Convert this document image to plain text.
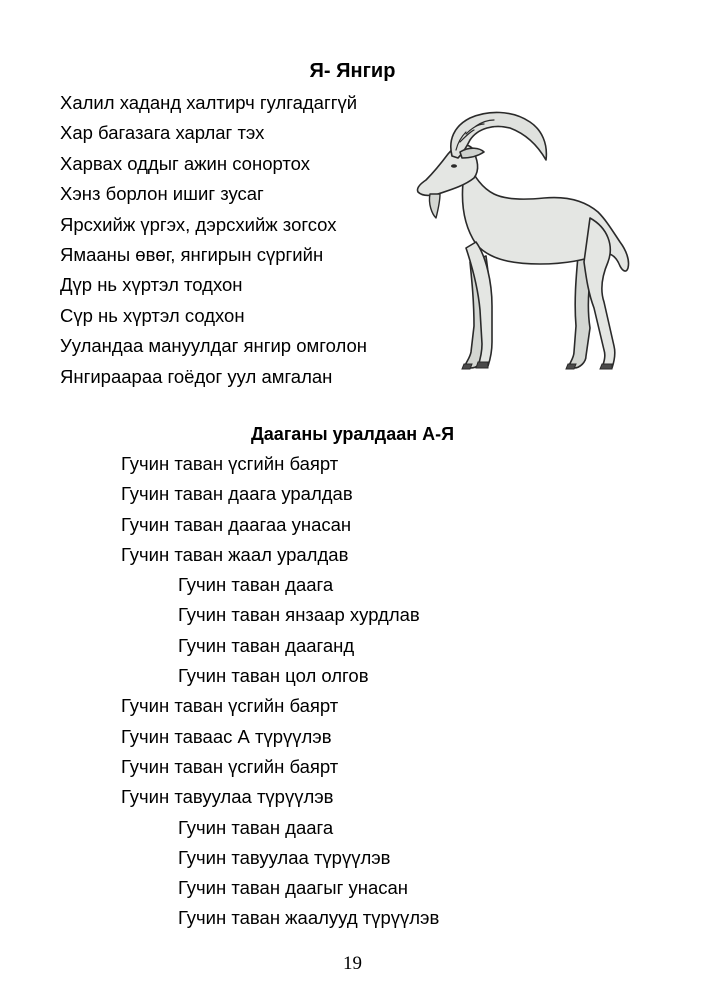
Я- Янгир
Халил хаданд халтирч гулгадаггүй
Хар багазага харлаг тэх
Харвах оддыг ажин сонортох
Хэнз борлон ишиг зусаг
Ярсхийж үргэх, дэрсхийж зогсох
Ямааны өвөг, янгирын сүргийн
Дүр нь хүртэл тодхон
Сүр нь хүртэл содхон
Ууландаа мануулдаг янгир омголон
Янгираараа гоёдог уул амгалан
Дааганы уралдаан А-Я
Гучин таван үсгийн баярт
Гучин таван даага уралдав
Гучин таван даагаа унасан
Гучин таван жаал уралдав
Гучин таван даага
Гучин таван янзаар хурдлав
Гучин таван дааганд
Гучин таван цол олгов
Гучин таван үсгийн баярт
Гучин таваас А түрүүлэв
Гучин таван үсгийн баярт
Гучин тавуулаа түрүүлэв
Гучин таван даага
Гучин тавуулаа түрүүлэв
Гучин таван даагыг унасан
Гучин таван жаалууд түрүүлэв
19
